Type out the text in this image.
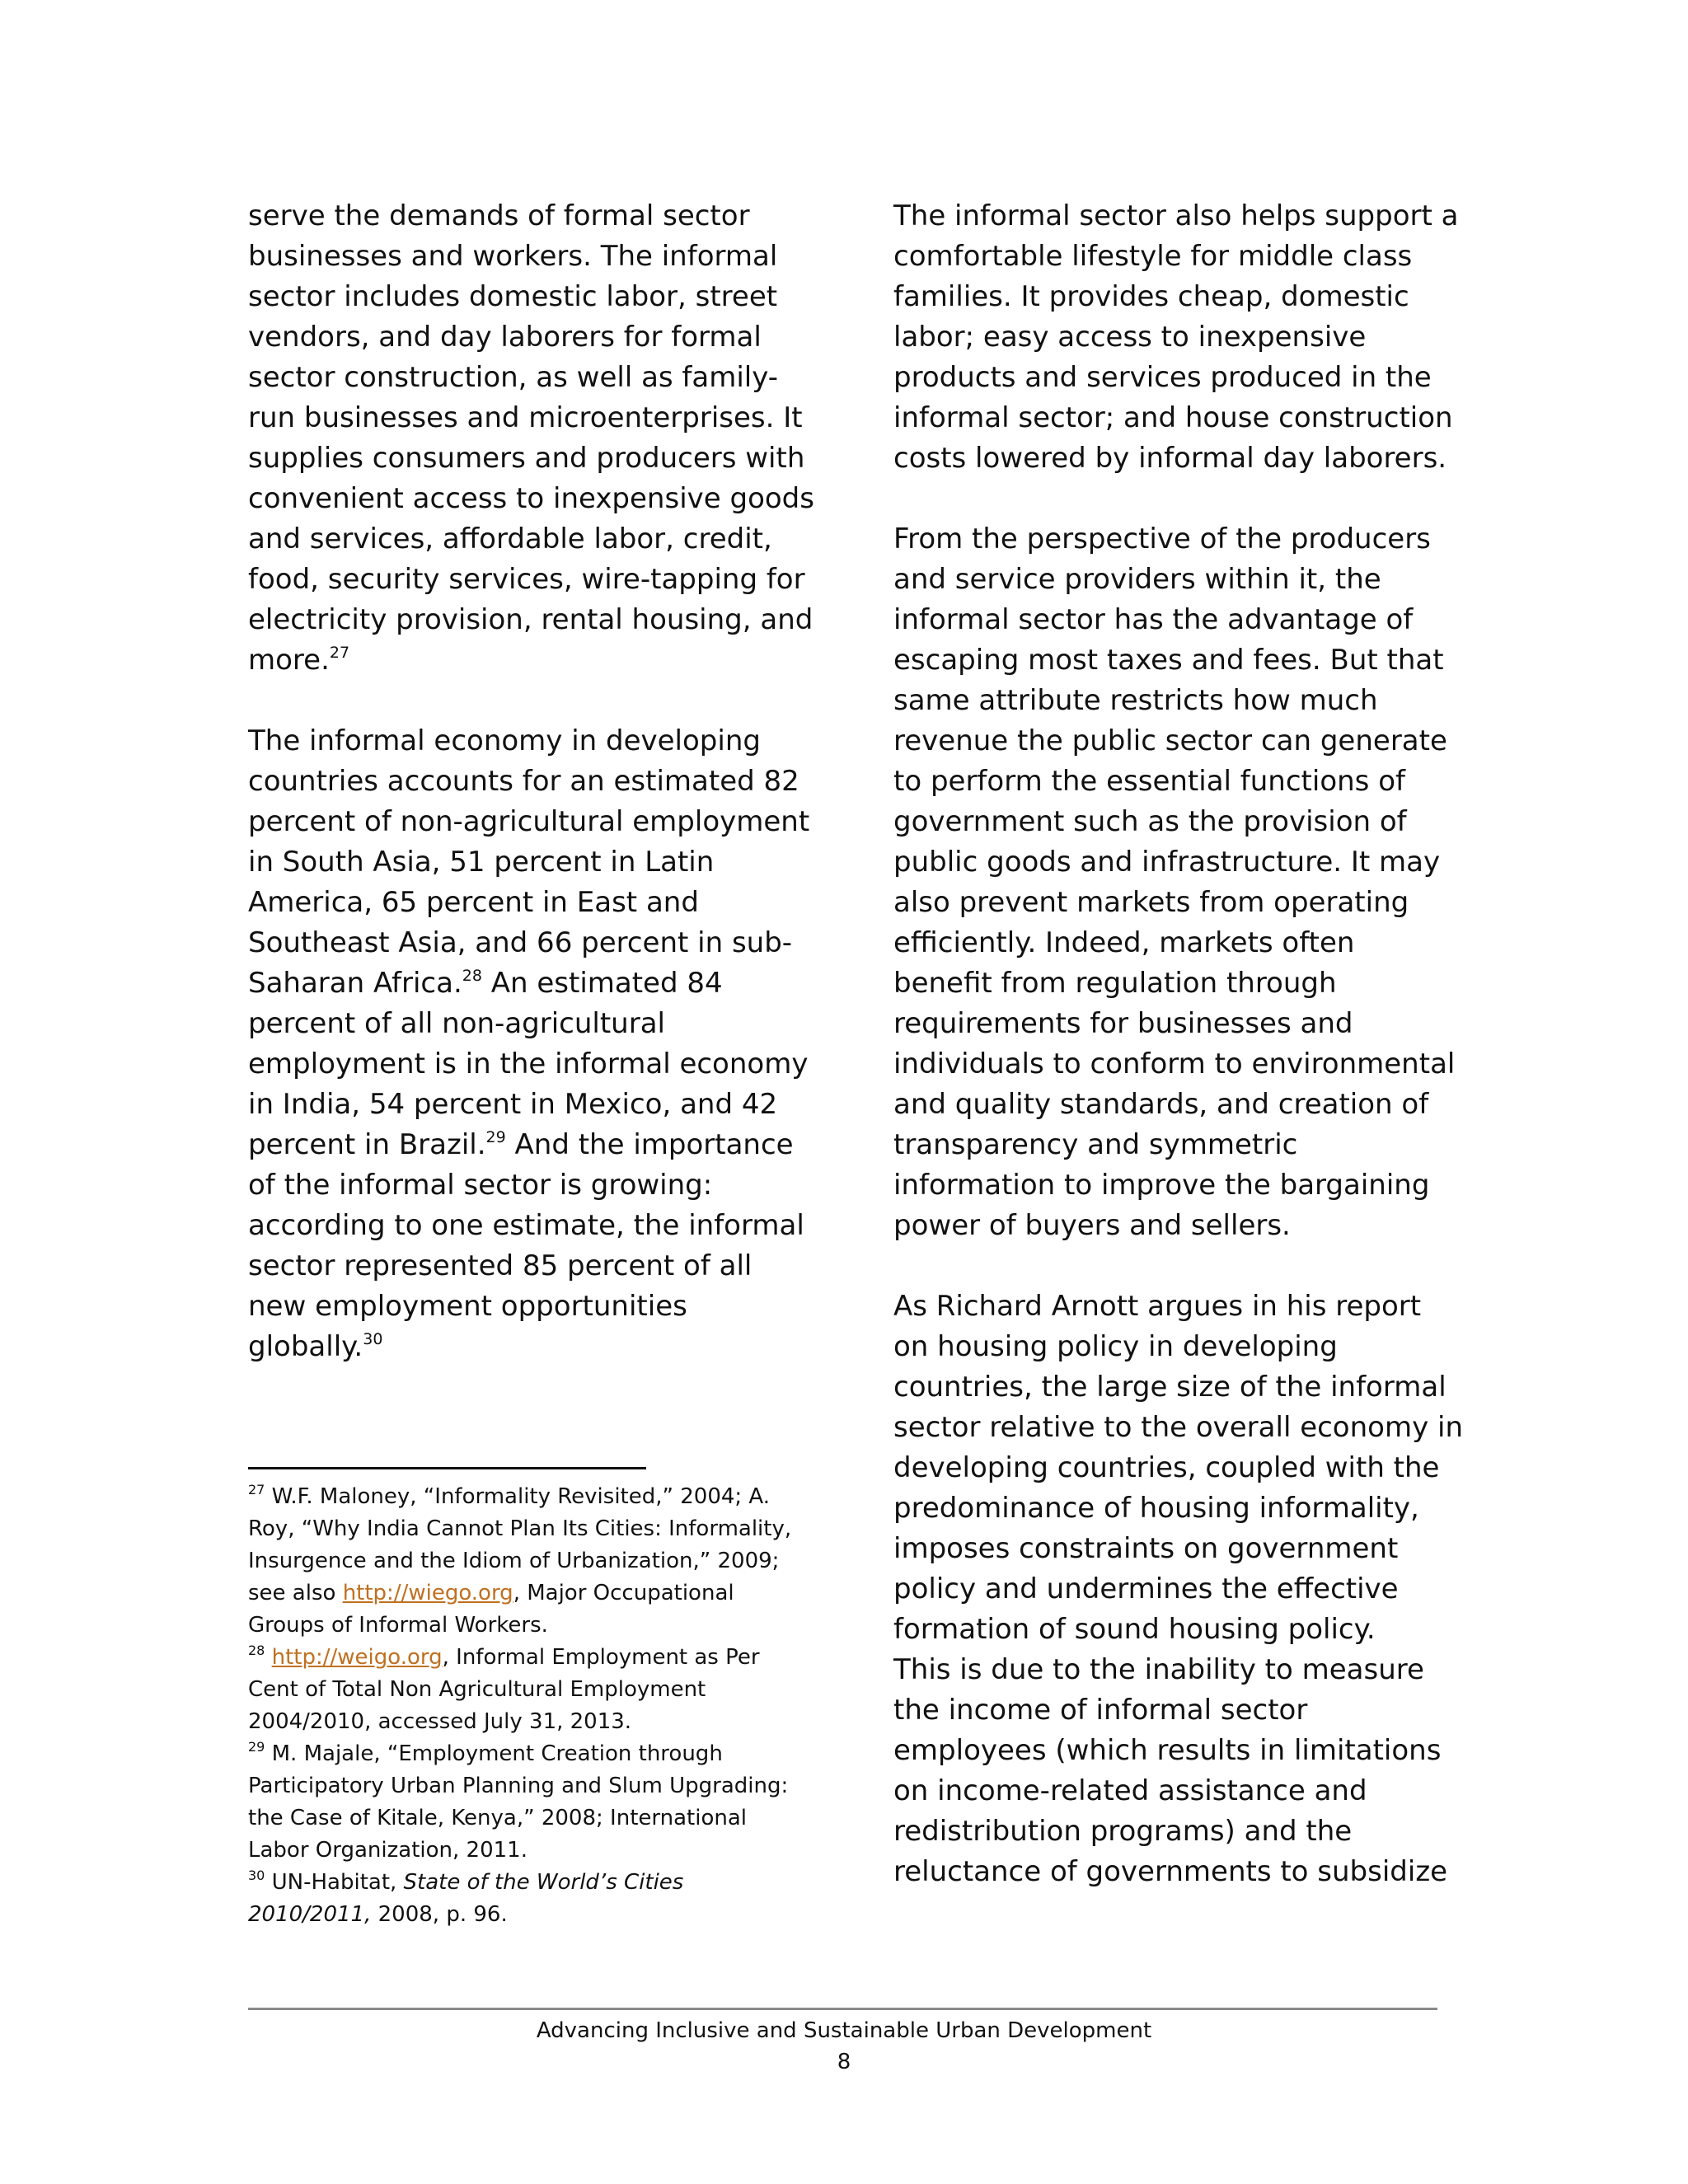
serve the demands of formal sector
businesses and workers. The informal
sector includes domestic labor, street
vendors, and day laborers for formal
sector construction, as well as family-
run businesses and microenterprises. It
supplies consumers and producers with
convenient access to inexpensive goods
and services, affordable labor, credit,
food, security services, wire-tapping for
electricity provision, rental housing, and
more.$^{27}$

The informal economy in developing
countries accounts for an estimated 82
percent of non-agricultural employment
in South Asia, 51 percent in Latin
America, 65 percent in East and
Southeast Asia, and 66 percent in sub-
Saharan Africa.$^{28}$ An estimated 84
percent of all non-agricultural
employment is in the informal economy
in India, 54 percent in Mexico, and 42
percent in Brazil.$^{29}$ And the importance
of the informal sector is growing:
according to one estimate, the informal
sector represented 85 percent of all
new employment opportunities
globally.$^{30}$

The informal sector also helps support a
comfortable lifestyle for middle class
families. It provides cheap, domestic
labor; easy access to inexpensive
products and services produced in the
informal sector; and house construction
costs lowered by informal day laborers.

From the perspective of the producers
and service providers within it, the
informal sector has the advantage of
escaping most taxes and fees. But that
same attribute restricts how much
revenue the public sector can generate
to perform the essential functions of
government such as the provision of
public goods and infrastructure. It may
also prevent markets from operating
efficiently. Indeed, markets often
benefit from regulation through
requirements for businesses and
individuals to conform to environmental
and quality standards, and creation of
transparency and symmetric
information to improve the bargaining
power of buyers and sellers.

As Richard Arnott argues in his report
on housing policy in developing
countries, the large size of the informal
sector relative to the overall economy in
developing countries, coupled with the
predominance of housing informality,
imposes constraints on government
policy and undermines the effective
formation of sound housing policy.
This is due to the inability to measure
the income of informal sector
employees (which results in limitations
on income-related assistance and
redistribution programs) and the
reluctance of governments to subsidize

$^{27}$ W.F. Maloney, “Informality Revisited,” 2004; A. Roy, “Why India Cannot Plan Its Cities: Informality, Insurgence and the Idiom of Urbanization,” 2009; see also http://wiego.org, Major Occupational Groups of Informal Workers.

$^{28}$ http://weigo.org, Informal Employment as Per Cent of Total Non Agricultural Employment 2004/2010, accessed July 31, 2013.

$^{29}$ M. Majale, “Employment Creation through Participatory Urban Planning and Slum Upgrading: the Case of Kitale, Kenya,” 2008; International Labor Organization, 2011.

$^{30}$ UN-Habitat, State of the World’s Cities 2010/2011, 2008, p. 96.

Advancing Inclusive and Sustainable Urban Development
8
